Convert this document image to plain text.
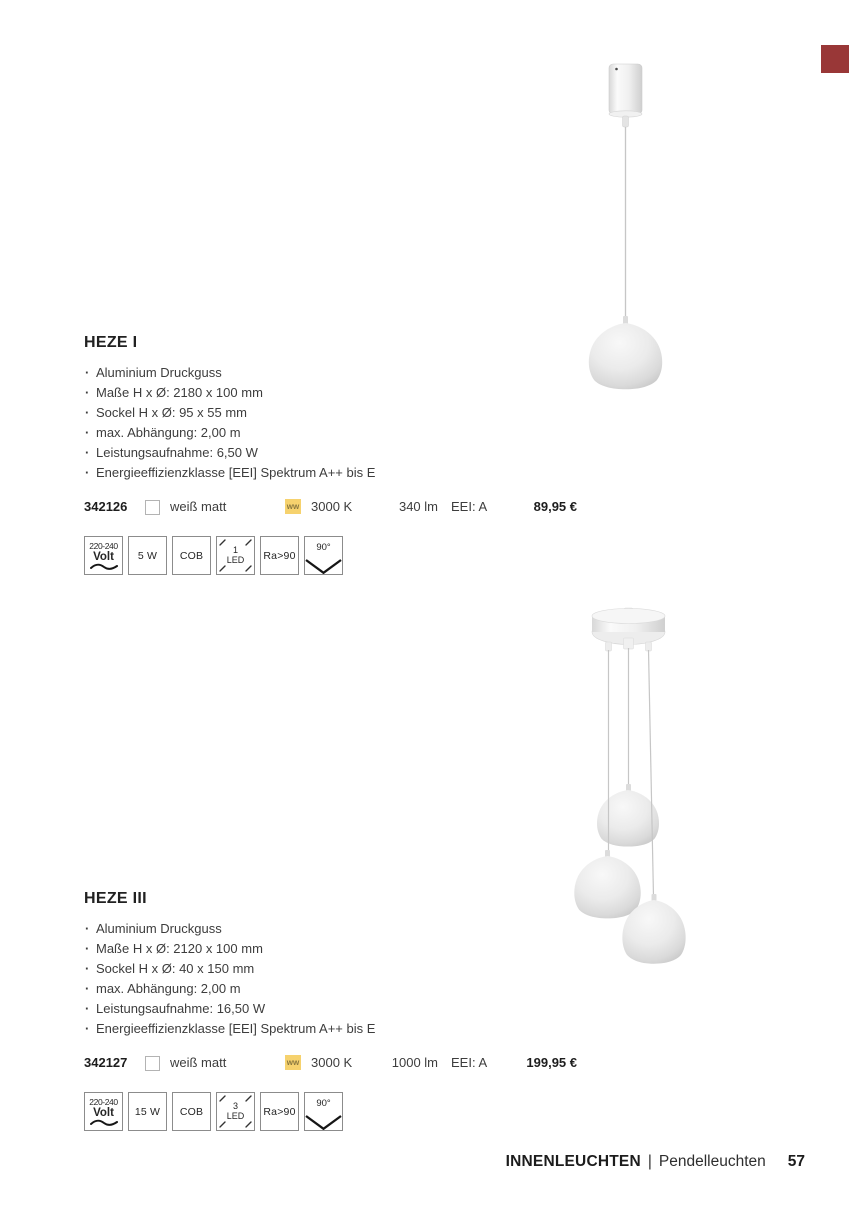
HEZE I
· Aluminium Druckguss
· Maße H x Ø: 2180 x 100 mm
· Sockel H x Ø: 95 x 55 mm
· max. Abhängung: 2,00 m
· Leistungsaufnahme: 6,50 W
· Energieeffizienzklasse [EEI] Spektrum A++ bis E
342126	weiß matt	ww 3000 K	340 lm EEI: A	89,95 €
220-240
Volt 5 W COB	1
LED Ra>90
90°
HEZE III
· Aluminium Druckguss
· Maße H x Ø: 2120 x 100 mm
· Sockel H x Ø: 40 x 150 mm
· max. Abhängung: 2,00 m
· Leistungsaufnahme: 16,50 W
· Energieeffizienzklasse [EEI] Spektrum A++ bis E
342127	weiß matt	ww 3000 K	1000 lm EEI: A	199,95 €
220-240
Volt 15 W COB	3
LED Ra>90
90°
INNENLEUCHTEN | Pendelleuchten 57
